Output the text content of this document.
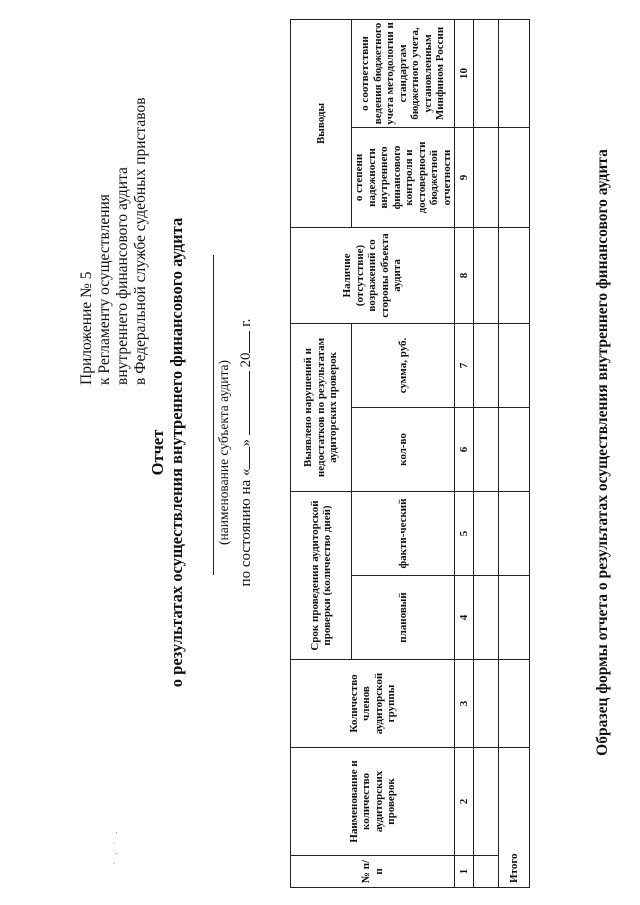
· . · .
Приложение № 5 к Регламенту осуществления внутреннего финансового аудита в Федеральной службе судебных приставов
Отчет о результатах осуществления внутреннего финансового аудита (наименование субъекта аудита) по состоянию на «»  20 г.
№ п/п	Наименование и количество аудиторских проверок	Количество членов аудиторской группы	Срок проведения аудиторской проверки (количество дней)		Выявлено нарушений и недостатков по результатам аудиторских проверок		Наличие (отсутствие) возражений со стороны объекта аудита	Выводы	
			плановый	факти-ческий	кол-во	сумма, руб.		о степени надежности внутреннего финансового контроля и достоверности бюджетной отчетности	о соответствии ведения бюджетного учета методологии и стандартам бюджетного учета, установленным Минфином России
1	2	3	4	5	6	7	8	9	10

Итого									
Образец формы отчета о результатах осуществления внутреннего финансового аудита
